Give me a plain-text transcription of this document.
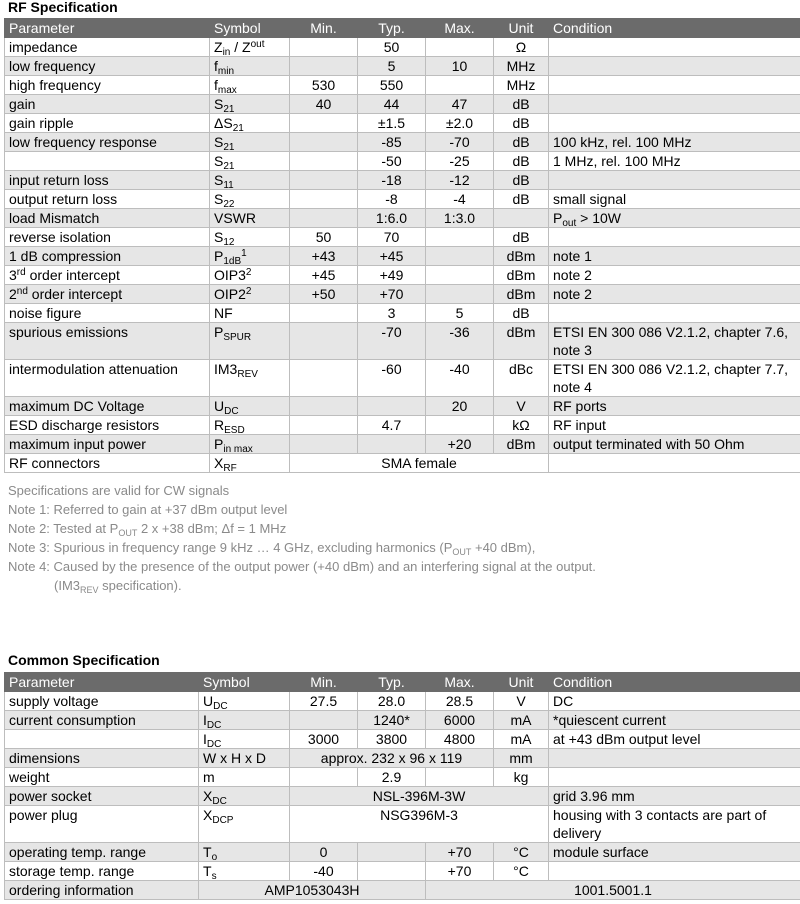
RF Specification
Parameter	Symbol	Min.	Typ.	Max.	Unit	Condition
impedance	$Z_{in} / Z^{out}$		50		Ω	
low frequency	$f_{min}$		5	10	MHz	
high frequency	$f_{max}$	530	550		MHz	
gain	$S_{21}$	40	44	47	dB	
gain ripple	$\Delta S_{21}$		±1.5	±2.0	dB	
low frequency response	$S_{21}$		-85	-70	dB	100 kHz, rel. 100 MHz
	$S_{21}$		-50	-25	dB	1 MHz, rel. 100 MHz
input return loss	$S_{11}$		-18	-12	dB	
output return loss	$S_{22}$		-8	-4	dB	small signal
load Mismatch	VSWR		1:6.0	1:3.0		$P_{out} > 10W$
reverse isolation	$S_{12}$	50	70		dB	
1 dB compression	$P_{1dB}^1$	+43	+45		dBm	note 1
3rd order intercept	$OIP3^2$	+45	+49		dBm	note 2
2nd order intercept	$OIP2^2$	+50	+70		dBm	note 2
noise figure	NF		3	5	dB	
spurious emissions	$P_{SPUR}$		-70	-36	dBm	ETSI EN 300 086 V2.1.2, chapter 7.6, note 3
intermodulation attenuation	$IM3_{REV}$		-60	-40	dBc	ETSI EN 300 086 V2.1.2, chapter 7.7, note 4
maximum DC Voltage	$U_{DC}$			20	V	RF ports
ESD discharge resistors	$R_{ESD}$		4.7		kΩ	RF input
maximum input power	$P_{in max}$			+20	dBm	output terminated with 50 Ohm
RF connectors	$X_{RF}$	SMA female				
Specifications are valid for CW signals
Note 1: Referred to gain at +37 dBm output level
Note 2: Tested at $P_{OUT}$ 2 x +38 dBm; Δf = 1 MHz
Note 3: Spurious in frequency range 9 kHz … 4 GHz, excluding harmonics ($P_{OUT} +40$ dBm),
Note 4: Caused by the presence of the output power (+40 dBm) and an interfering signal at the output.
($IM3_{REV}$ specification).
Common Specification
Parameter	Symbol	Min.	Typ.	Max.	Unit	Condition
supply voltage	$U_{DC}$	27.5	28.0	28.5	V	DC
current consumption	$I_{DC}$		1240*	6000	mA	*quiescent current
	$I_{DC}$	3000	3800	4800	mA	at +43 dBm output level
dimensions	W x H x D	approx. 232 x 96 x 119			mm	
weight	m		2.9		kg	
power socket	$X_{DC}$	NSL-396M-3W				grid 3.96 mm
power plug	$X_{DCP}$	NSG396M-3				housing with 3 contacts are part of delivery
operating temp. range	$T_o$	0		+70	°C	module surface
storage temp. range	$T_s$	-40		+70	°C	
ordering information	AMP1053043H			1001.5001.1		
